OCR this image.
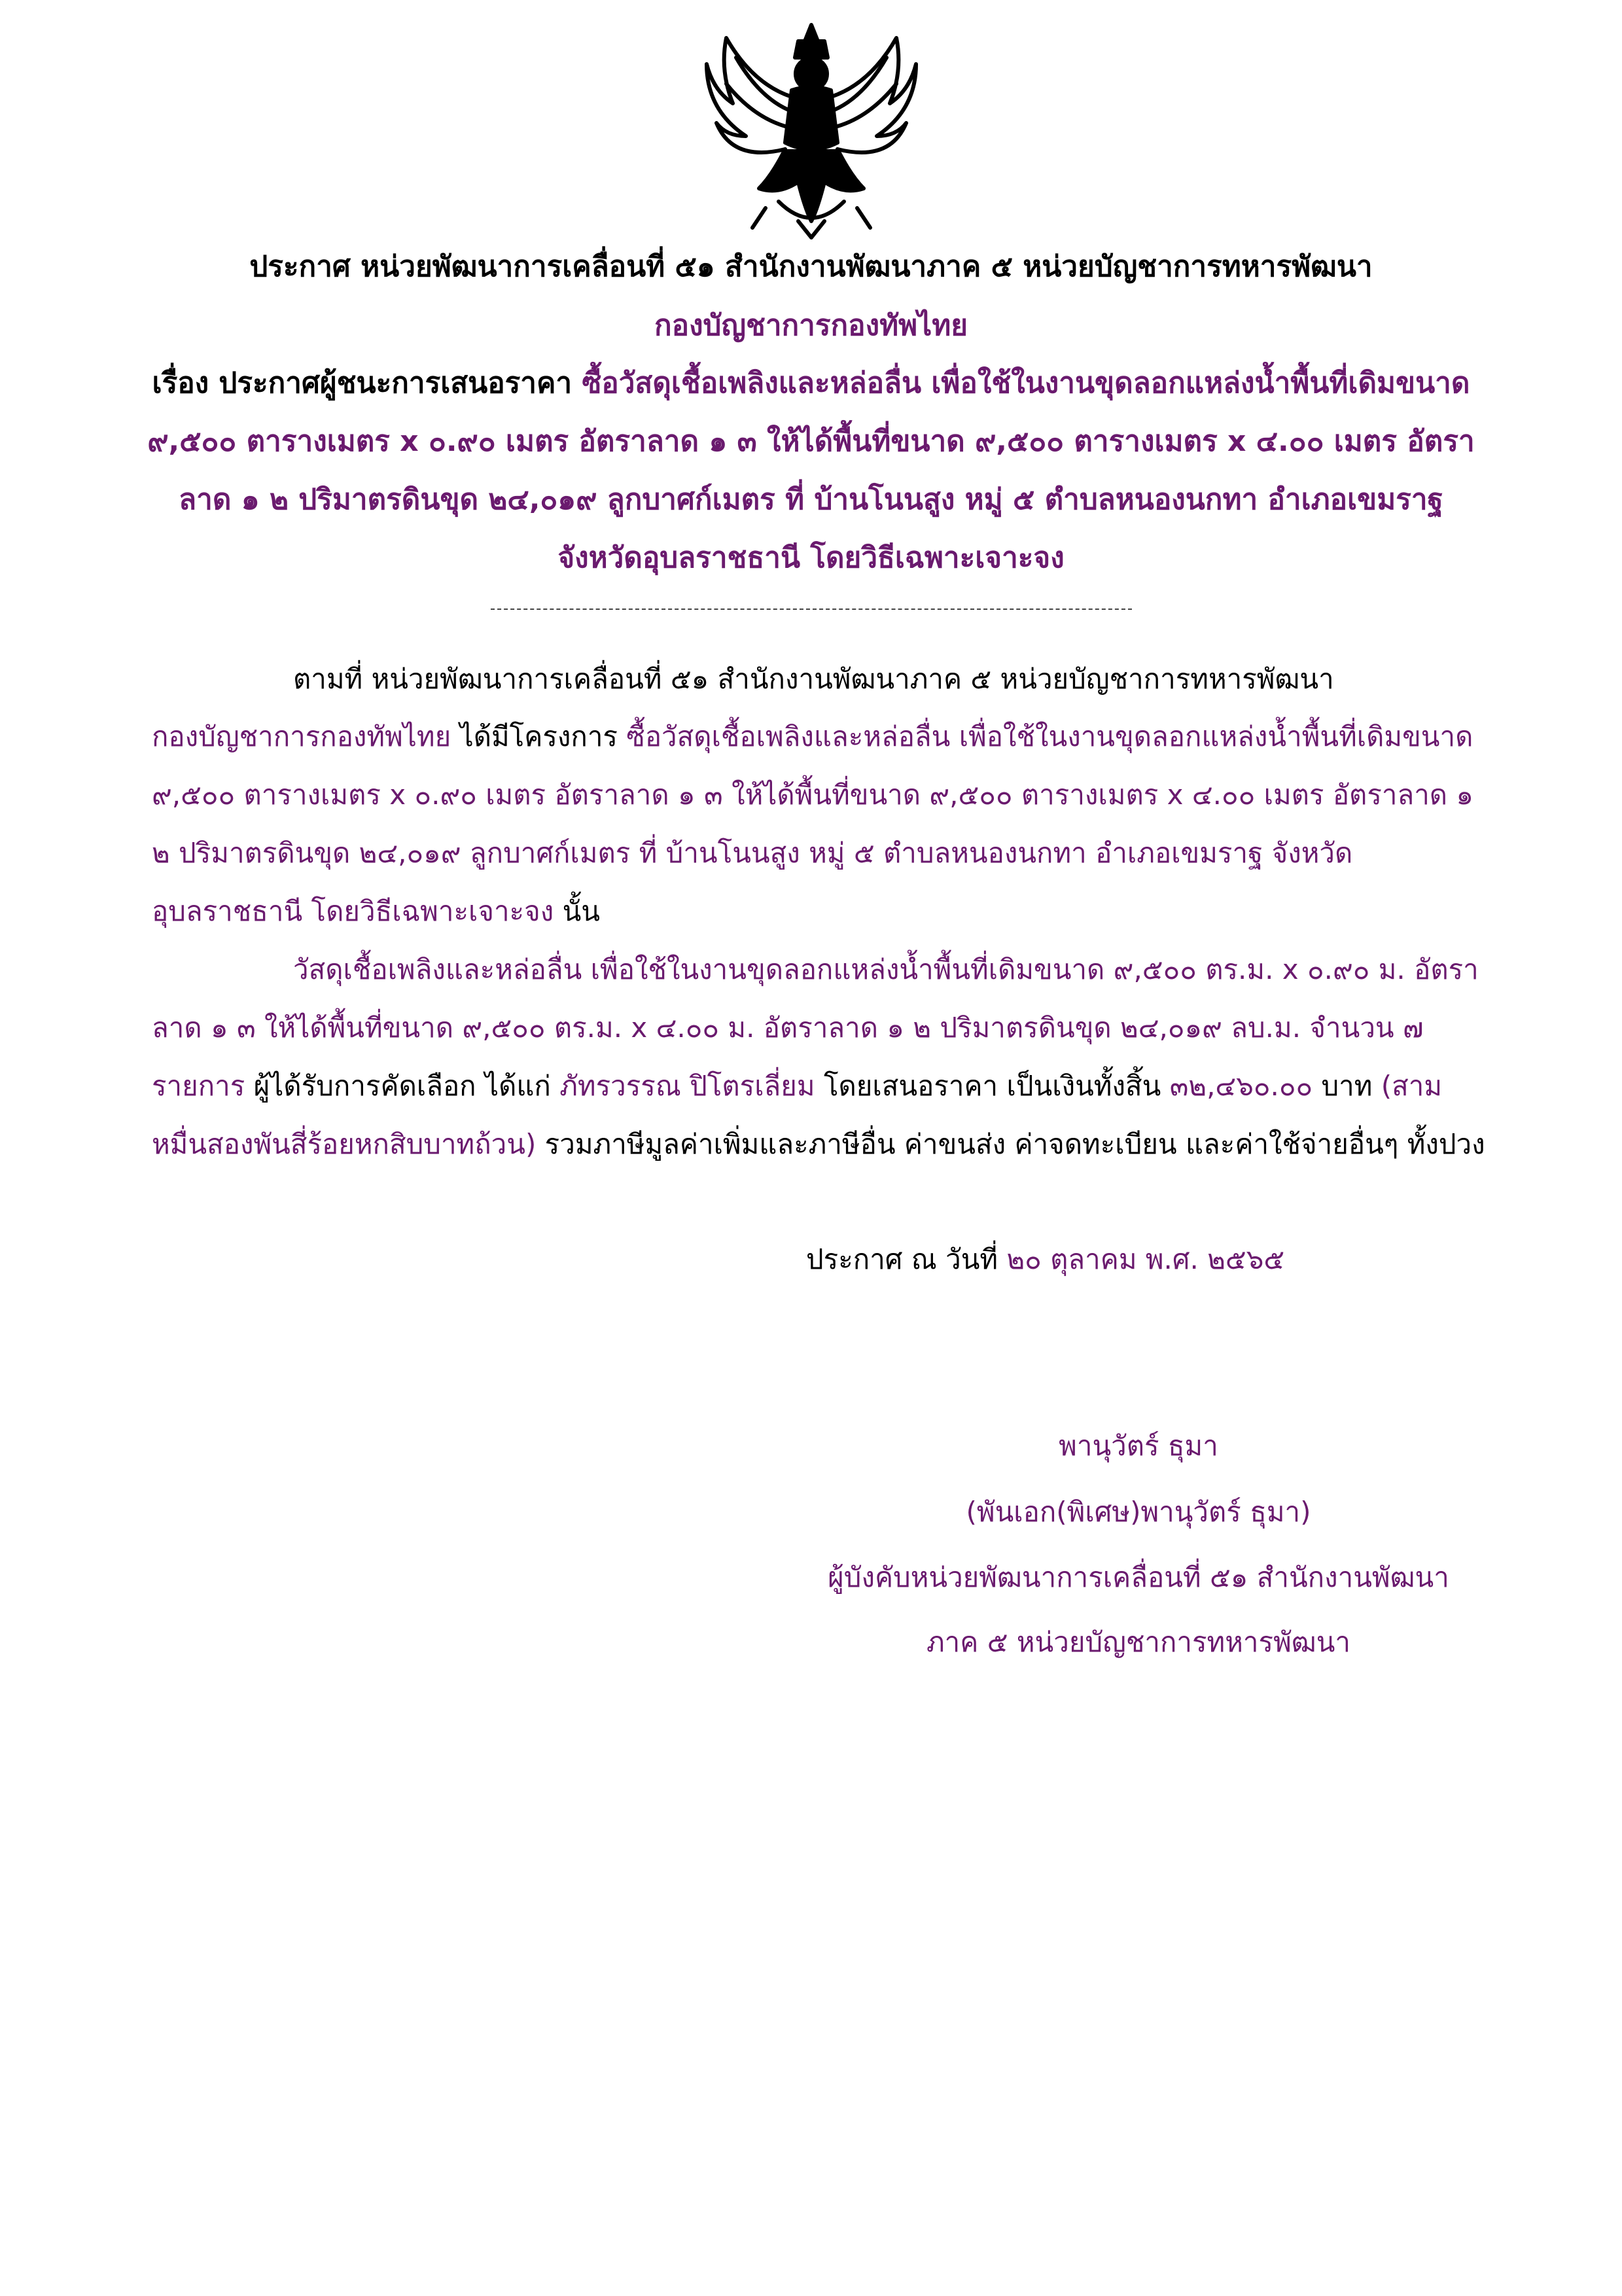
ประกาศ หน่วยพัฒนาการเคลื่อนที่ ๕๑ สำนักงานพัฒนาภาค ๕ หน่วยบัญชาการทหารพัฒนา
กองบัญชาการกองทัพไทย
เรื่อง ประกาศผู้ชนะการเสนอราคา ซื้อวัสดุเชื้อเพลิงและหล่อลื่น เพื่อใช้ในงานขุดลอกแหล่งน้ำพื้นที่เดิมขนาด
๙,๕๐๐ ตารางเมตร x ๐.๙๐ เมตร อัตราลาด ๑ ๓ ให้ได้พื้นที่ขนาด ๙,๕๐๐ ตารางเมตร x ๔.๐๐ เมตร อัตรา
ลาด ๑ ๒ ปริมาตรดินขุด ๒๔,๐๑๙ ลูกบาศก์เมตร ที่ บ้านโนนสูง หมู่ ๕ ตำบลหนองนกทา อำเภอเขมราฐ
จังหวัดอุบลราชธานี โดยวิธีเฉพาะเจาะจง
ตามที่ หน่วยพัฒนาการเคลื่อนที่ ๕๑ สำนักงานพัฒนาภาค ๕ หน่วยบัญชาการทหารพัฒนา
กองบัญชาการกองทัพไทย ได้มีโครงการ ซื้อวัสดุเชื้อเพลิงและหล่อลื่น เพื่อใช้ในงานขุดลอกแหล่งน้ำพื้นที่เดิมขนาด
๙,๕๐๐ ตารางเมตร x ๐.๙๐ เมตร อัตราลาด ๑ ๓ ให้ได้พื้นที่ขนาด ๙,๕๐๐ ตารางเมตร x ๔.๐๐ เมตร อัตราลาด ๑
๒ ปริมาตรดินขุด ๒๔,๐๑๙ ลูกบาศก์เมตร ที่ บ้านโนนสูง หมู่ ๕ ตำบลหนองนกทา อำเภอเขมราฐ จังหวัด
อุบลราชธานี โดยวิธีเฉพาะเจาะจง นั้น
วัสดุเชื้อเพลิงและหล่อลื่น เพื่อใช้ในงานขุดลอกแหล่งน้ำพื้นที่เดิมขนาด ๙,๕๐๐ ตร.ม. x ๐.๙๐ ม. อัตรา
ลาด ๑ ๓ ให้ได้พื้นที่ขนาด ๙,๕๐๐ ตร.ม. x ๔.๐๐ ม. อัตราลาด ๑ ๒ ปริมาตรดินขุด ๒๔,๐๑๙ ลบ.ม. จำนวน ๗
รายการ ผู้ได้รับการคัดเลือก ได้แก่ ภัทรวรรณ ปิโตรเลี่ยม โดยเสนอราคา เป็นเงินทั้งสิ้น ๓๒,๔๖๐.๐๐ บาท (สาม
หมื่นสองพันสี่ร้อยหกสิบบาทถ้วน) รวมภาษีมูลค่าเพิ่มและภาษีอื่น ค่าขนส่ง ค่าจดทะเบียน และค่าใช้จ่ายอื่นๆ ทั้งปวง
ประกาศ ณ วันที่ ๒๐ ตุลาคม พ.ศ. ๒๕๖๕
พานุวัตร์ ธุมา
(พันเอก(พิเศษ)พานุวัตร์ ธุมา)
ผู้บังคับหน่วยพัฒนาการเคลื่อนที่ ๕๑ สำนักงานพัฒนา
ภาค ๕ หน่วยบัญชาการทหารพัฒนา
